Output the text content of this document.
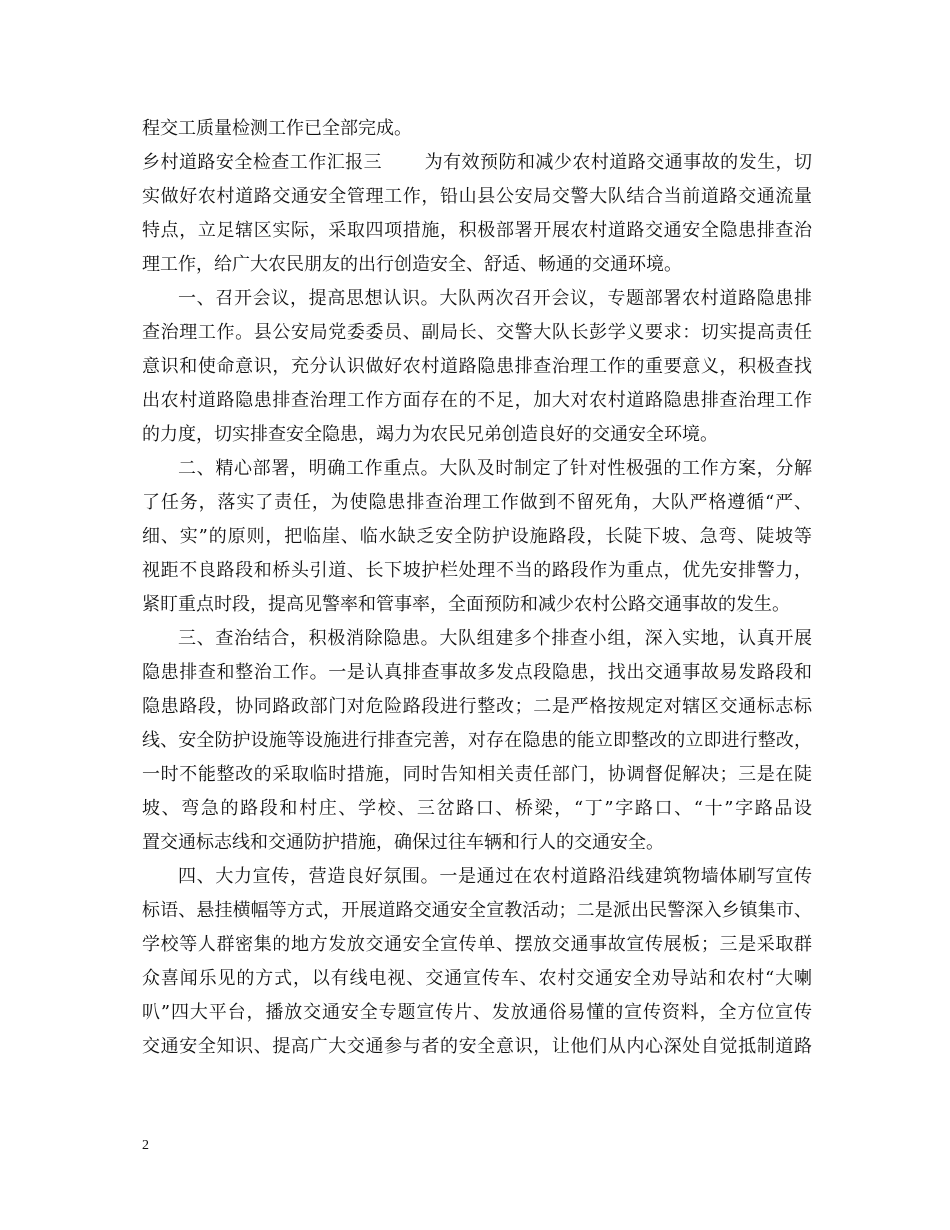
程交工质量检测工作已全部完成。
乡村道路安全检查工作汇报三 为有效预防和减少农村道路交通事故的发生，切
实做好农村道路交通安全管理工作，铅山县公安局交警大队结合当前道路交通流量
特点，立足辖区实际，采取四项措施，积极部署开展农村道路交通安全隐患排查治
理工作，给广大农民朋友的出行创造安全、舒适、畅通的交通环境。
一、召开会议，提高思想认识。大队两次召开会议，专题部署农村道路隐患排
查治理工作。县公安局党委委员、副局长、交警大队长彭学义要求：切实提高责任
意识和使命意识，充分认识做好农村道路隐患排查治理工作的重要意义，积极查找
出农村道路隐患排查治理工作方面存在的不足，加大对农村道路隐患排查治理工作
的力度，切实排查安全隐患，竭力为农民兄弟创造良好的交通安全环境。
二、精心部署，明确工作重点。大队及时制定了针对性极强的工作方案，分解
了任务，落实了责任，为使隐患排查治理工作做到不留死角，大队严格遵循“严、
细、实”的原则，把临崖、临水缺乏安全防护设施路段，长陡下坡、急弯、陡坡等
视距不良路段和桥头引道、长下坡护栏处理不当的路段作为重点，优先安排警力，
紧盯重点时段，提高见警率和管事率，全面预防和减少农村公路交通事故的发生。
三、查治结合，积极消除隐患。大队组建多个排查小组，深入实地，认真开展
隐患排查和整治工作。一是认真排查事故多发点段隐患，找出交通事故易发路段和
隐患路段，协同路政部门对危险路段进行整改；二是严格按规定对辖区交通标志标
线、安全防护设施等设施进行排查完善，对存在隐患的能立即整改的立即进行整改，
一时不能整改的采取临时措施，同时告知相关责任部门，协调督促解决；三是在陡
坡、弯急的路段和村庄、学校、三岔路口、桥梁，“丁”字路口、“十”字路品设
置交通标志线和交通防护措施，确保过往车辆和行人的交通安全。
四、大力宣传，营造良好氛围。一是通过在农村道路沿线建筑物墙体刷写宣传
标语、悬挂横幅等方式，开展道路交通安全宣教活动；二是派出民警深入乡镇集市、
学校等人群密集的地方发放交通安全宣传单、摆放交通事故宣传展板；三是采取群
众喜闻乐见的方式，以有线电视、交通宣传车、农村交通安全劝导站和农村“大喇
叭”四大平台，播放交通安全专题宣传片、发放通俗易懂的宣传资料，全方位宣传
交通安全知识、提高广大交通参与者的安全意识，让他们从内心深处自觉抵制道路
2
